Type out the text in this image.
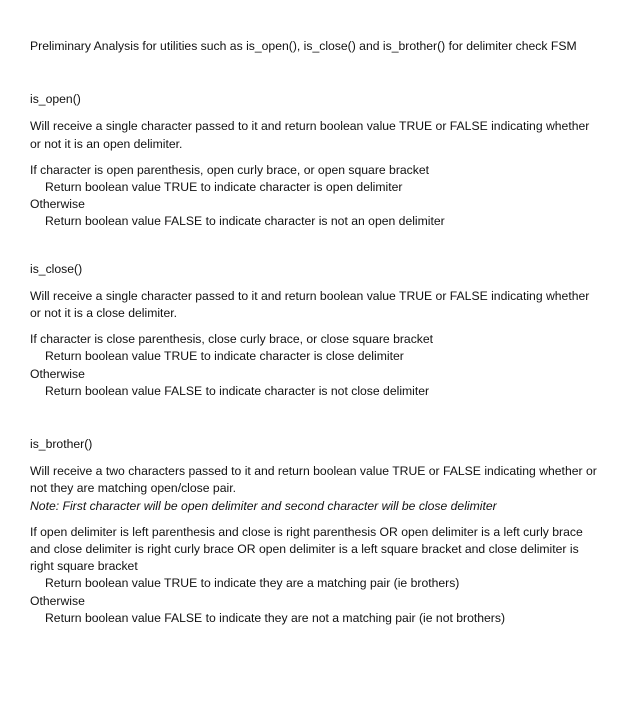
Preliminary Analysis for utilities such as is_open(), is_close() and is_brother() for delimiter check FSM

is_open()

Will receive a single character passed to it and return boolean value TRUE or FALSE indicating whether or not it is an open delimiter.

If character is open parenthesis, open curly brace, or open square bracket
Return boolean value TRUE to indicate character is open delimiter
Otherwise
Return boolean value FALSE to indicate character is not an open delimiter

is_close()

Will receive a single character passed to it and return boolean value TRUE or FALSE indicating whether or not it is a close delimiter.

If character is close parenthesis, close curly brace, or close square bracket
Return boolean value TRUE to indicate character is close delimiter
Otherwise
Return boolean value FALSE to indicate character is not close delimiter

is_brother()

Will receive a two characters passed to it and return boolean value TRUE or FALSE indicating whether or not they are matching open/close pair.

Note: First character will be open delimiter and second character will be close delimiter

If open delimiter is left parenthesis and close is right parenthesis OR open delimiter is a left curly brace and close delimiter is right curly brace OR open delimiter is a left square bracket and close delimiter is right square bracket
Return boolean value TRUE to indicate they are a matching pair (ie brothers)
Otherwise
Return boolean value FALSE to indicate they are not a matching pair (ie not brothers)
